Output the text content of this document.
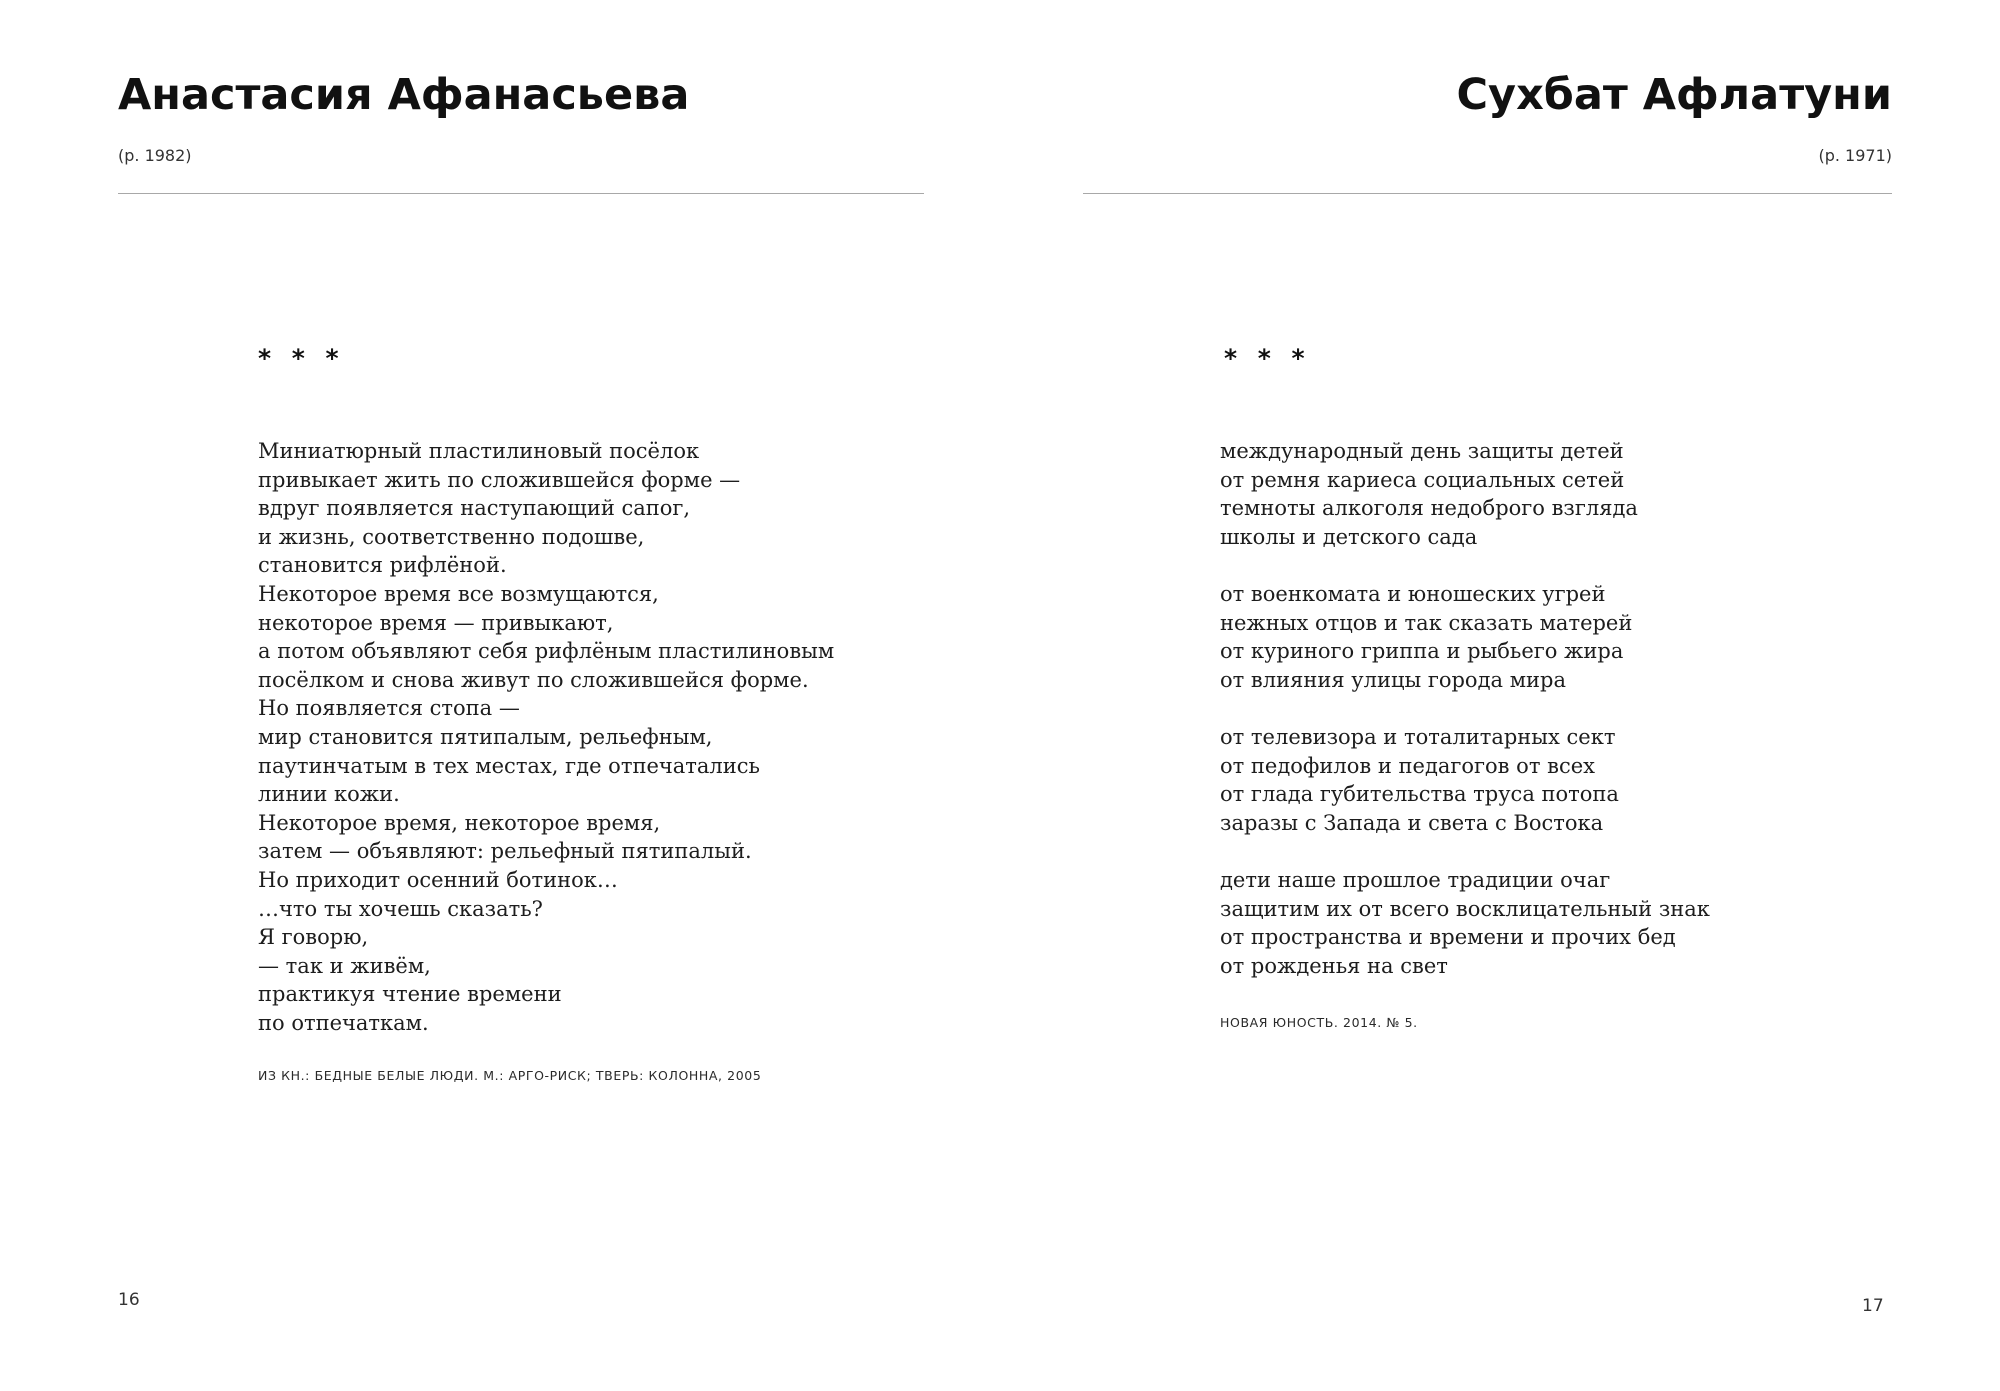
Анастасия Афанасьева
(р. 1982)
* * *
Миниатюрный пластилиновый посёлок
привыкает жить по сложившейся форме —
вдруг появляется наступающий сапог,
и жизнь, соответственно подошве,
становится рифлёной.
Некоторое время все возмущаются,
некоторое время — привыкают,
а потом объявляют себя рифлёным пластилиновым
посёлком и снова живут по сложившейся форме.
Но появляется стопа —
мир становится пятипалым, рельефным,
паутинчатым в тех местах, где отпечатались
линии кожи.
Некоторое время, некоторое время,
затем — объявляют: рельефный пятипалый.
Но приходит осенний ботинок…
…что ты хочешь сказать?
Я говорю,
— так и живём,
практикуя чтение времени
по отпечаткам.
ИЗ КН.: БЕДНЫЕ БЕЛЫЕ ЛЮДИ. М.: АРГО-РИСК; ТВЕРЬ: КОЛОННА, 2005
16
Сухбат Афлатуни
(р. 1971)
* * *
международный день защиты детей
от ремня кариеса социальных сетей
темноты алкоголя недоброго взгляда
школы и детского сада
от военкомата и юношеских угрей
нежных отцов и так сказать матерей
от куриного гриппа и рыбьего жира
от влияния улицы города мира
от телевизора и тоталитарных сект
от педофилов и педагогов от всех
от глада губительства труса потопа
заразы с Запада и света с Востока
дети наше прошлое традиции очаг
защитим их от всего восклицательный знак
от пространства и времени и прочих бед
от рожденья на свет
НОВАЯ ЮНОСТЬ. 2014. № 5.
17
